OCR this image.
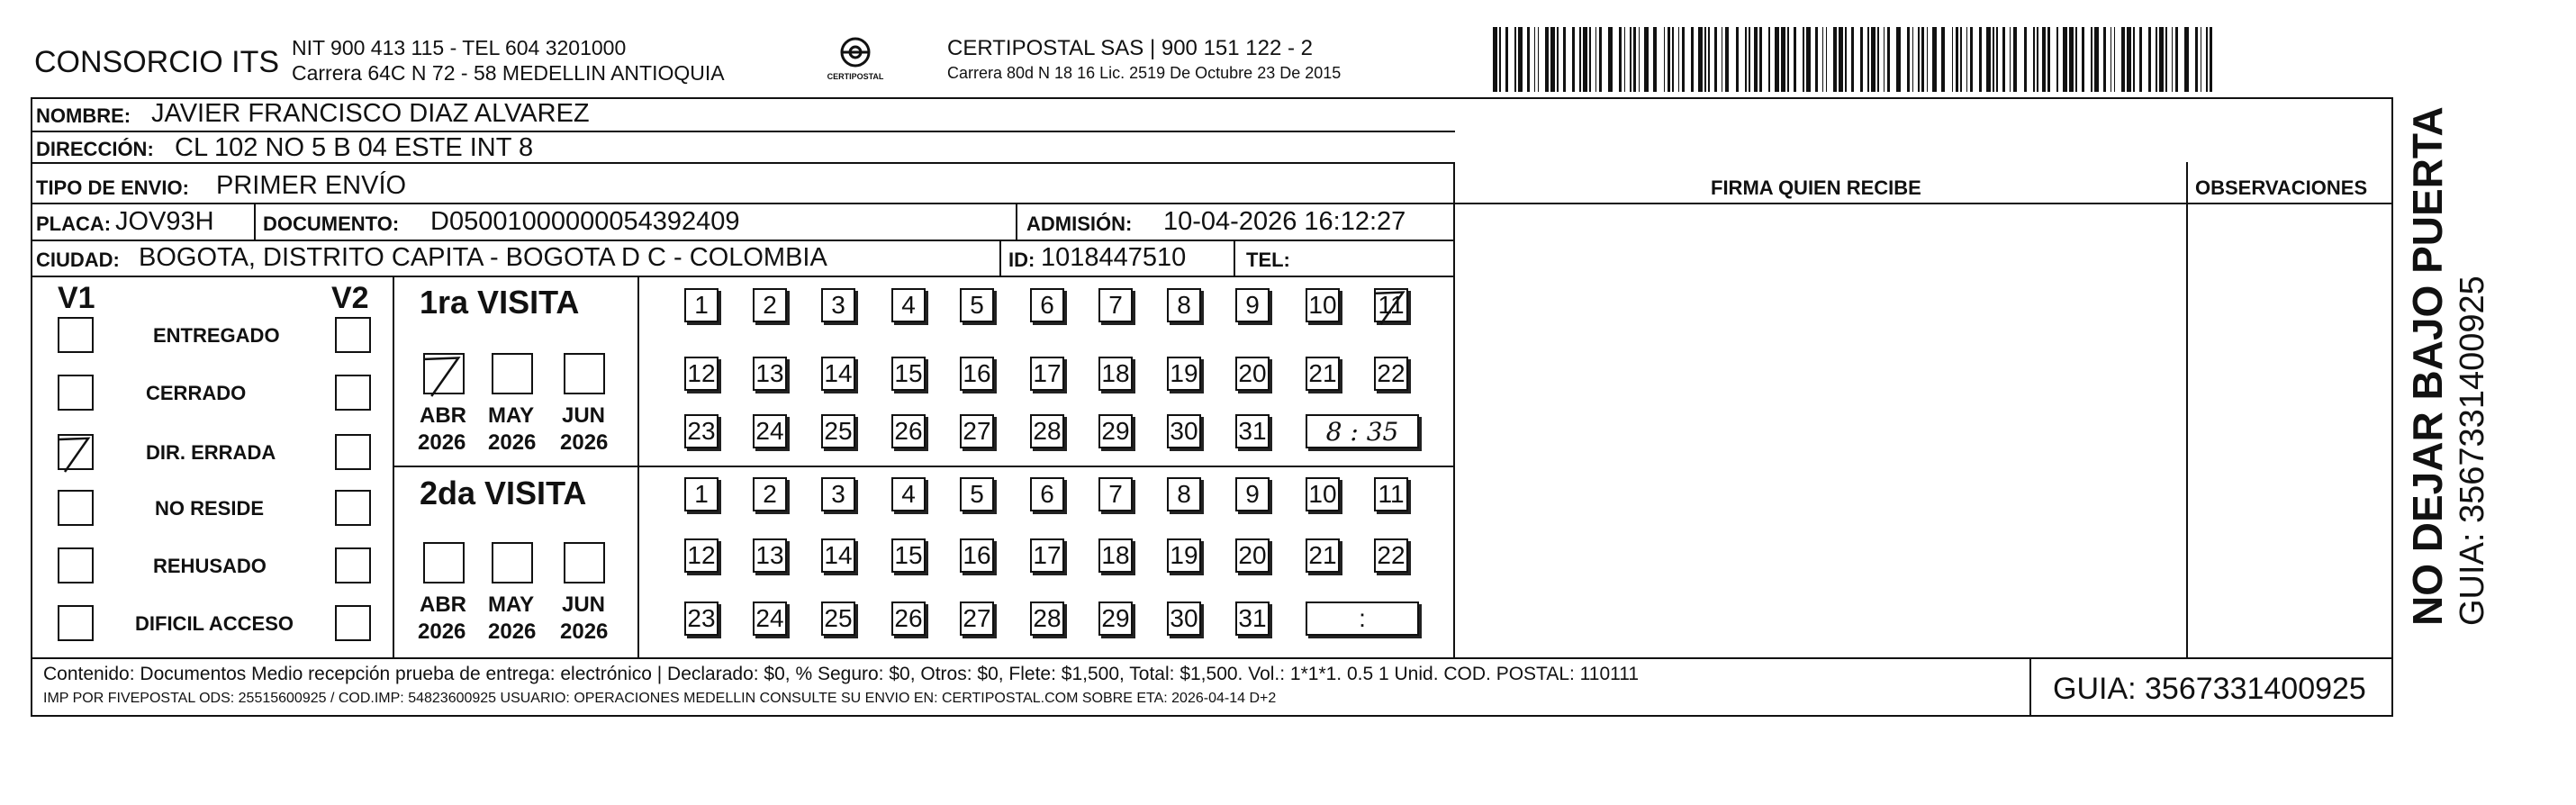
CONSORCIO ITS NIT 900 413 115 - TEL 604 3201000
Carrera 64C N 72 - 58 MEDELLIN ANTIOQUIA	CERTIPOSTAL
CERTIPOSTAL SAS | 900 151 122 - 2
Carrera 80d N 18 16 Lic. 2519 De Octubre 23 De 2015
NOMBRE: JAVIER FRANCISCO DIAZ ALVAREZ
DIRECCIÓN: CL 102 NO 5 B 04 ESTE INT 8
TIPO DE ENVIO: PRIMER ENVÍO	FIRMA QUIEN RECIBE	OBSERVACIONES
PLACA: JOV93H DOCUMENTO: D05001000000054392409	ADMISIÓN: 10-04-2026 16:12:27
CIUDAD: BOGOTA, DISTRITO CAPITA - BOGOTA D C - COLOMBIA	ID: 1018447510	TEL:
V1	V2 1ra VISITA
2da VISITA
Contenido: Documentos Medio recepción prueba de entrega: electrónico | Declarado: $0, % Seguro: $0, Otros: $0, Flete: $1,500, Total: $1,500. Vol.: 1*1*1. 0.5 1 Unid. COD. POSTAL: 110111
IMP POR FIVEPOSTAL ODS: 25515600925 / COD.IMP: 54823600925 USUARIO: OPERACIONES MEDELLIN CONSULTE SU ENVIO EN: CERTIPOSTAL.COM SOBRE ETA: 2026-04-14 D+2	GUIA: 3567331400925
NO DEJAR BAJO PUERTA GUIA: 3567331400925
ENTREGADO
CERRADO
DIR. ERRADA
NO RESIDE
REHUSADO
DIFICIL ACCESO
ABR
2026
MAY
2026
JUN
2026
ABR
2026
MAY
2026
JUN
2026
1	2	3	4	5	6	7	8	9	10 11
12 13 14 15 16 17 18 19 20 21 22
23 24 25 26 27 28 29 30 31	8 : 35
1	2	3	4	5	6	7	8	9	10 11
12 13 14 15 16 17 18 19 20 21 22
23 24 25 26 27 28 29 30 31	:
